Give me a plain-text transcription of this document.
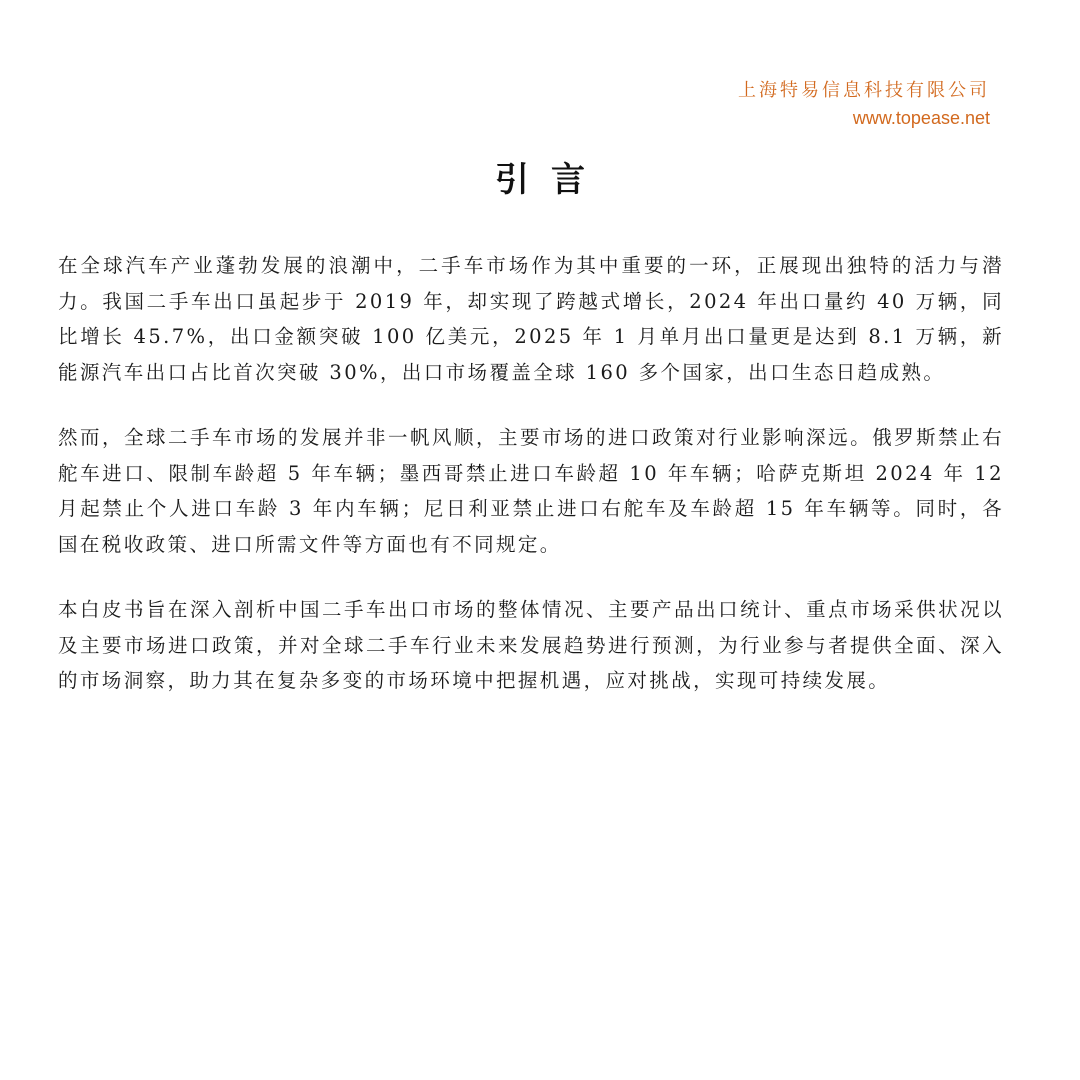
上海特易信息科技有限公司
www.topease.net
引言

在全球汽车产业蓬勃发展的浪潮中，二手车市场作为其中重要的一环，正展现出独特的活力与潜力。我国二手车出口虽起步于 2019 年，却实现了跨越式增长，2024 年出口量约 40 万辆，同比增长 45.7%，出口金额突破 100 亿美元，2025 年 1 月单月出口量更是达到 8.1 万辆，新能源汽车出口占比首次突破 30%，出口市场覆盖全球 160 多个国家，出口生态日趋成熟。

然而，全球二手车市场的发展并非一帆风顺，主要市场的进口政策对行业影响深远。俄罗斯禁止右舵车进口、限制车龄超 5 年车辆；墨西哥禁止进口车龄超 10 年车辆；哈萨克斯坦 2024 年 12 月起禁止个人进口车龄 3 年内车辆；尼日利亚禁止进口右舵车及车龄超 15 年车辆等。同时，各国在税收政策、进口所需文件等方面也有不同规定。

本白皮书旨在深入剖析中国二手车出口市场的整体情况、主要产品出口统计、重点市场采供状况以及主要市场进口政策，并对全球二手车行业未来发展趋势进行预测，为行业参与者提供全面、深入的市场洞察，助力其在复杂多变的市场环境中把握机遇，应对挑战，实现可持续发展。
